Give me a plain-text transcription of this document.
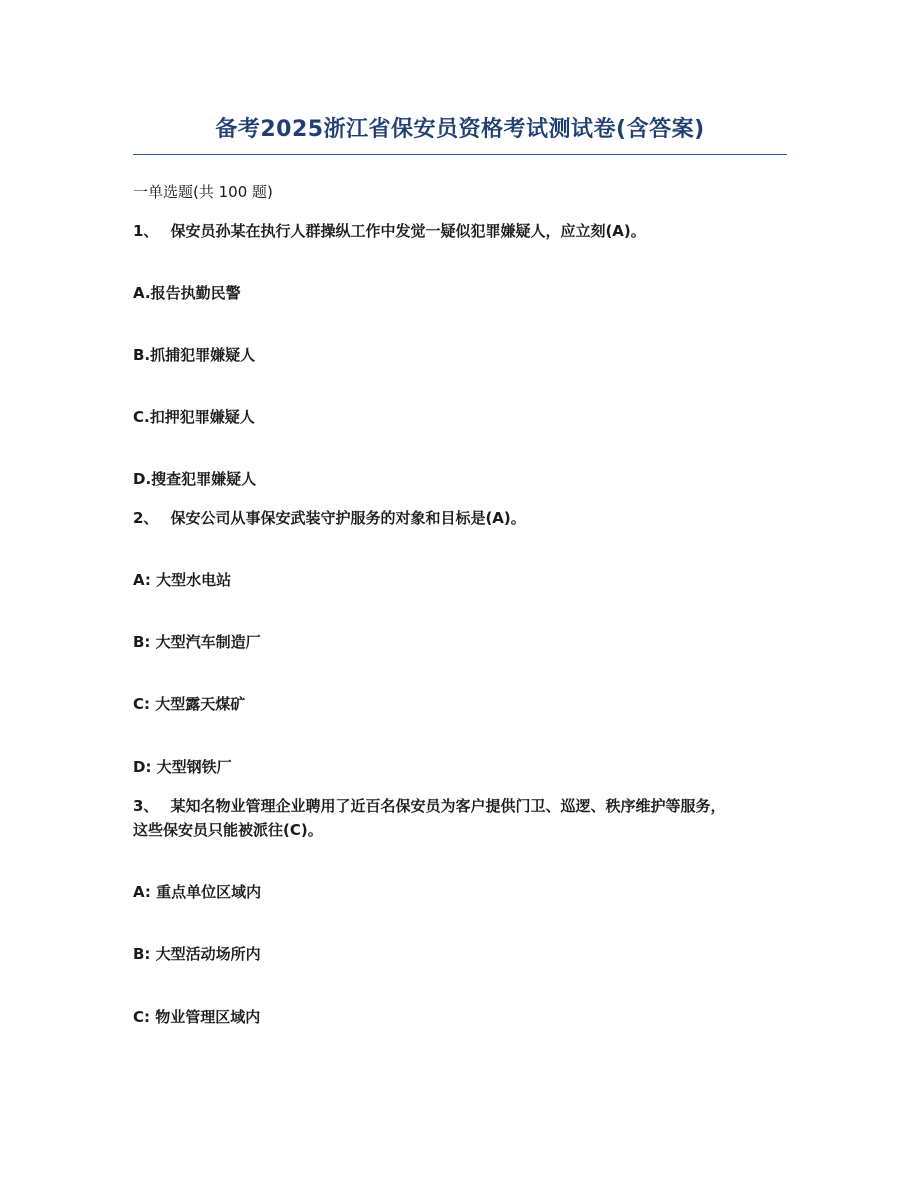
备考2025浙江省保安员资格考试测试卷(含答案)
一单选题(共 100 题)
1、 保安员孙某在执行人群操纵工作中发觉一疑似犯罪嫌疑人，应立刻(A)。
A.报告执勤民警
B.抓捕犯罪嫌疑人
C.扣押犯罪嫌疑人
D.搜查犯罪嫌疑人
2、 保安公司从事保安武装守护服务的对象和目标是(A)。
A: 大型水电站
B: 大型汽车制造厂
C: 大型露天煤矿
D: 大型钢铁厂
3、 某知名物业管理企业聘用了近百名保安员为客户提供门卫、巡逻、秩序维护等服务，
这些保安员只能被派往(C)。
A: 重点单位区域内
B: 大型活动场所内
C: 物业管理区域内
